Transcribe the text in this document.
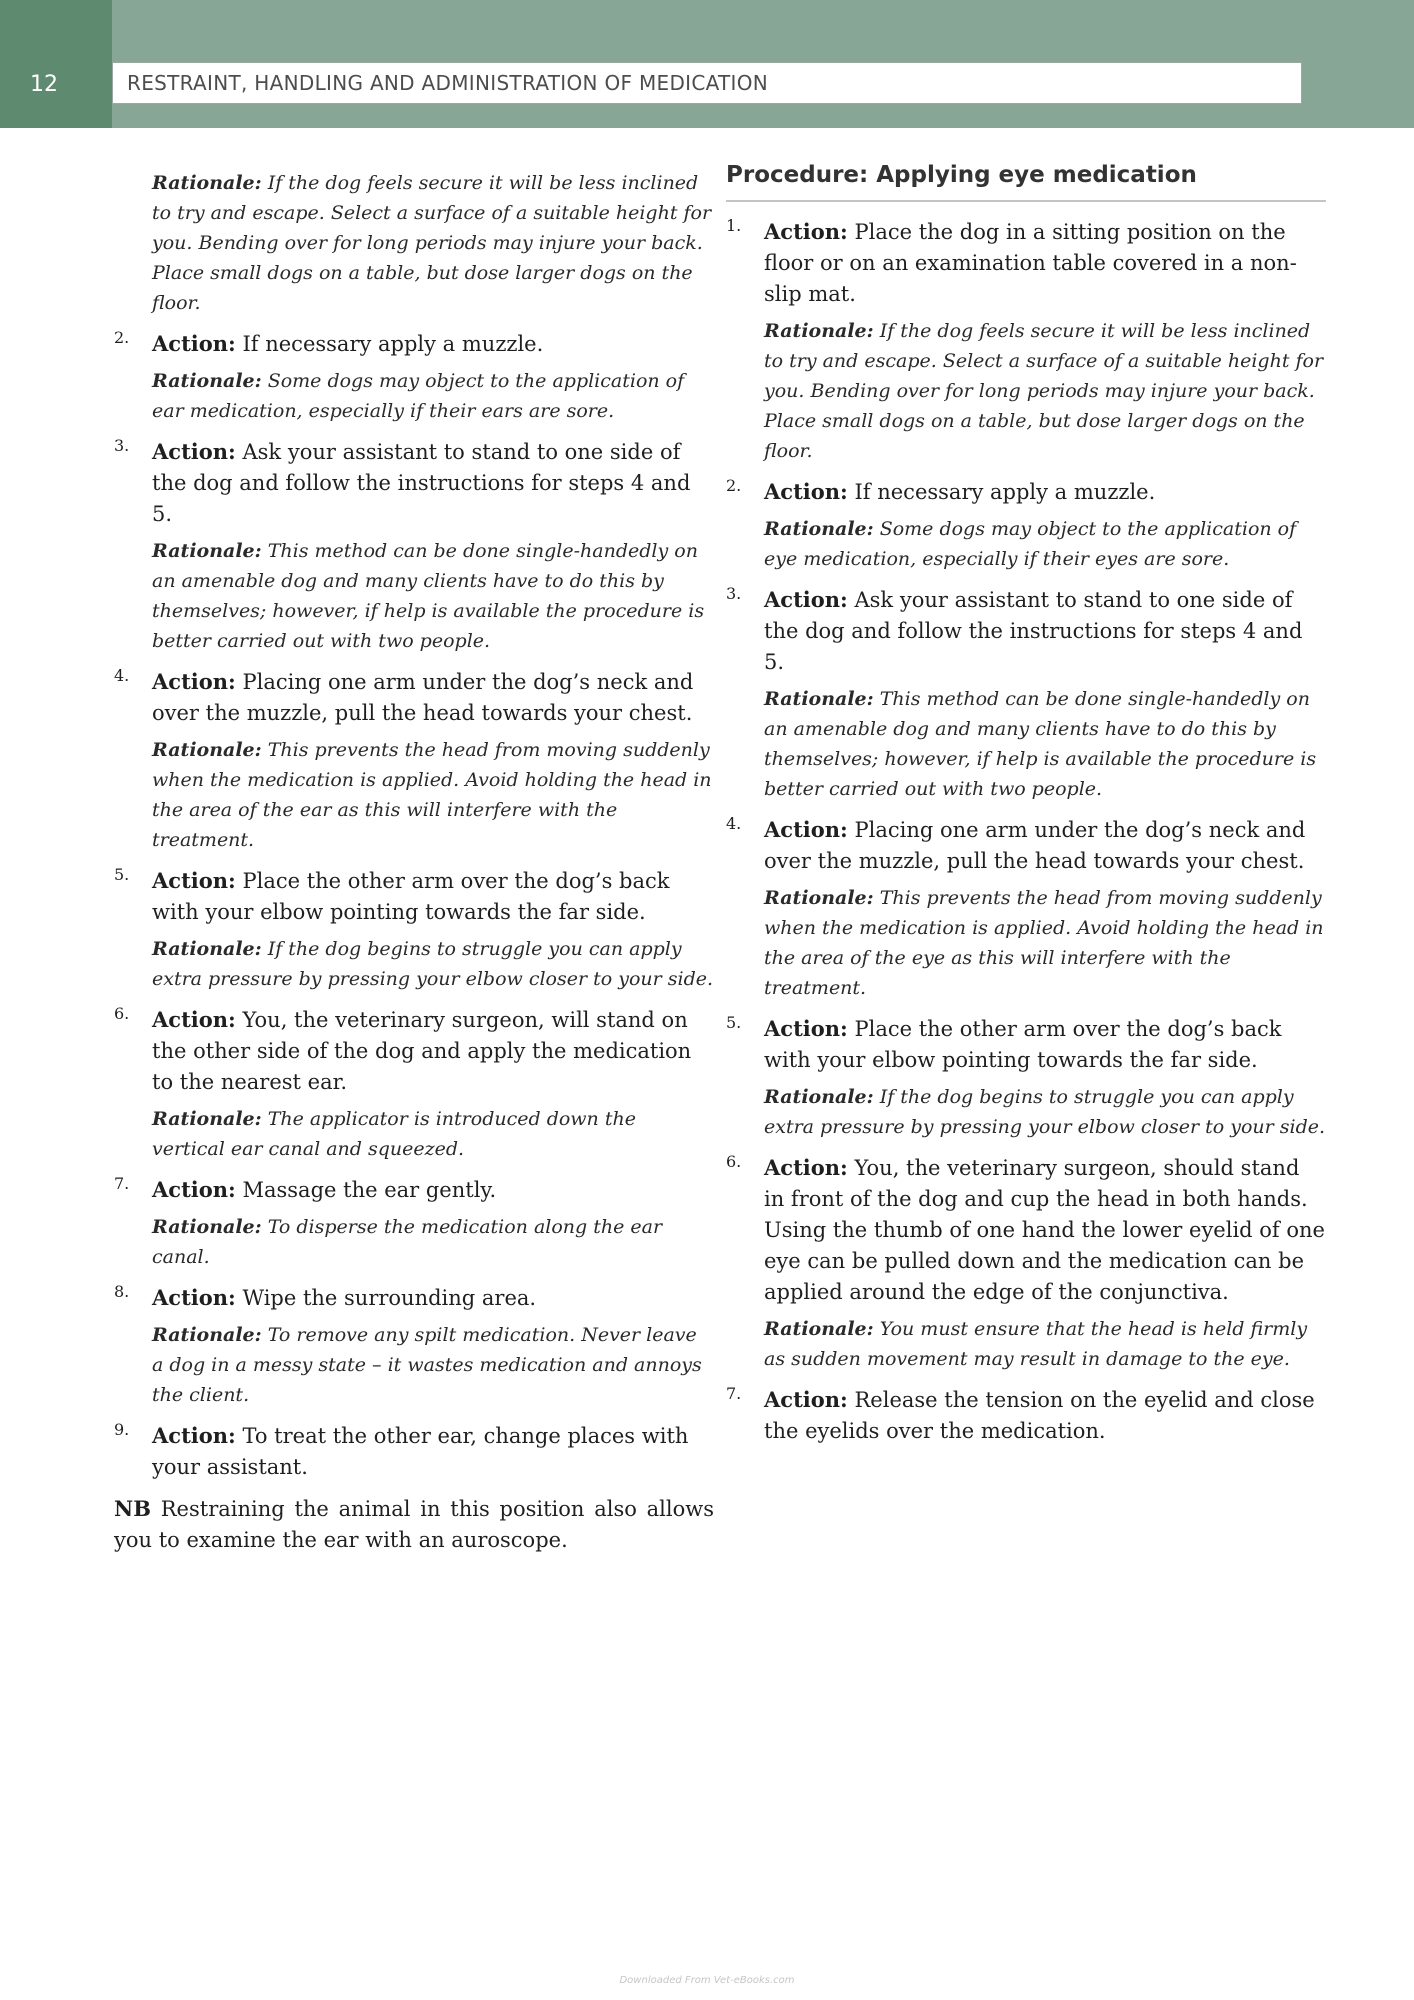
12	RESTRAINT, HANDLING AND ADMINISTRATION OF MEDICATION
Rationale: If the dog feels secure it will be less inclined to try and escape. Select a surface of a suitable height for you. Bending over for long periods may injure your back. Place small dogs on a table, but dose larger dogs on the floor.
2.	Action: If necessary apply a muzzle.
Rationale: Some dogs may object to the application of ear medication, especially if their ears are sore.
3.	Action: Ask your assistant to stand to one side of the dog and follow the instructions for steps 4 and 5.
Rationale: This method can be done single-handedly on an amenable dog and many clients have to do this by themselves; however, if help is available the procedure is better carried out with two people.
4.	Action: Placing one arm under the dog’s neck and over the muzzle, pull the head towards your chest.
Rationale: This prevents the head from moving suddenly when the medication is applied. Avoid holding the head in the area of the ear as this will interfere with the treatment.
5.	Action: Place the other arm over the dog’s back with your elbow pointing towards the far side.
Rationale: If the dog begins to struggle you can apply extra pressure by pressing your elbow closer to your side.
6.	Action: You, the veterinary surgeon, will stand on the other side of the dog and apply the medication to the nearest ear.
Rationale: The applicator is introduced down the vertical ear canal and squeezed.
7.	Action: Massage the ear gently.
Rationale: To disperse the medication along the ear canal.
8.	Action: Wipe the surrounding area.
Rationale: To remove any spilt medication. Never leave a dog in a messy state – it wastes medication and annoys the client.
9.	Action: To treat the other ear, change places with your assistant.

NB Restraining the animal in this position also allows you to examine the ear with an auroscope.

Procedure: Applying eye medication
1.	Action: Place the dog in a sitting position on the floor or on an examination table covered in a non-slip mat.
Rationale: If the dog feels secure it will be less inclined to try and escape. Select a surface of a suitable height for you. Bending over for long periods may injure your back. Place small dogs on a table, but dose larger dogs on the floor.
2.	Action: If necessary apply a muzzle.
Rationale: Some dogs may object to the application of eye medication, especially if their eyes are sore.
3.	Action: Ask your assistant to stand to one side of the dog and follow the instructions for steps 4 and 5.
Rationale: This method can be done single-handedly on an amenable dog and many clients have to do this by themselves; however, if help is available the procedure is better carried out with two people.
4.	Action: Placing one arm under the dog’s neck and over the muzzle, pull the head towards your chest.
Rationale: This prevents the head from moving suddenly when the medication is applied. Avoid holding the head in the area of the eye as this will interfere with the treatment.
5.	Action: Place the other arm over the dog’s back with your elbow pointing towards the far side.
Rationale: If the dog begins to struggle you can apply extra pressure by pressing your elbow closer to your side.
6.	Action: You, the veterinary surgeon, should stand in front of the dog and cup the head in both hands. Using the thumb of one hand the lower eyelid of one eye can be pulled down and the medication can be applied around the edge of the conjunctiva.
Rationale: You must ensure that the head is held firmly as sudden movement may result in damage to the eye.
7.	Action: Release the tension on the eyelid and close the eyelids over the medication.
Downloaded From Vet-eBooks.com
